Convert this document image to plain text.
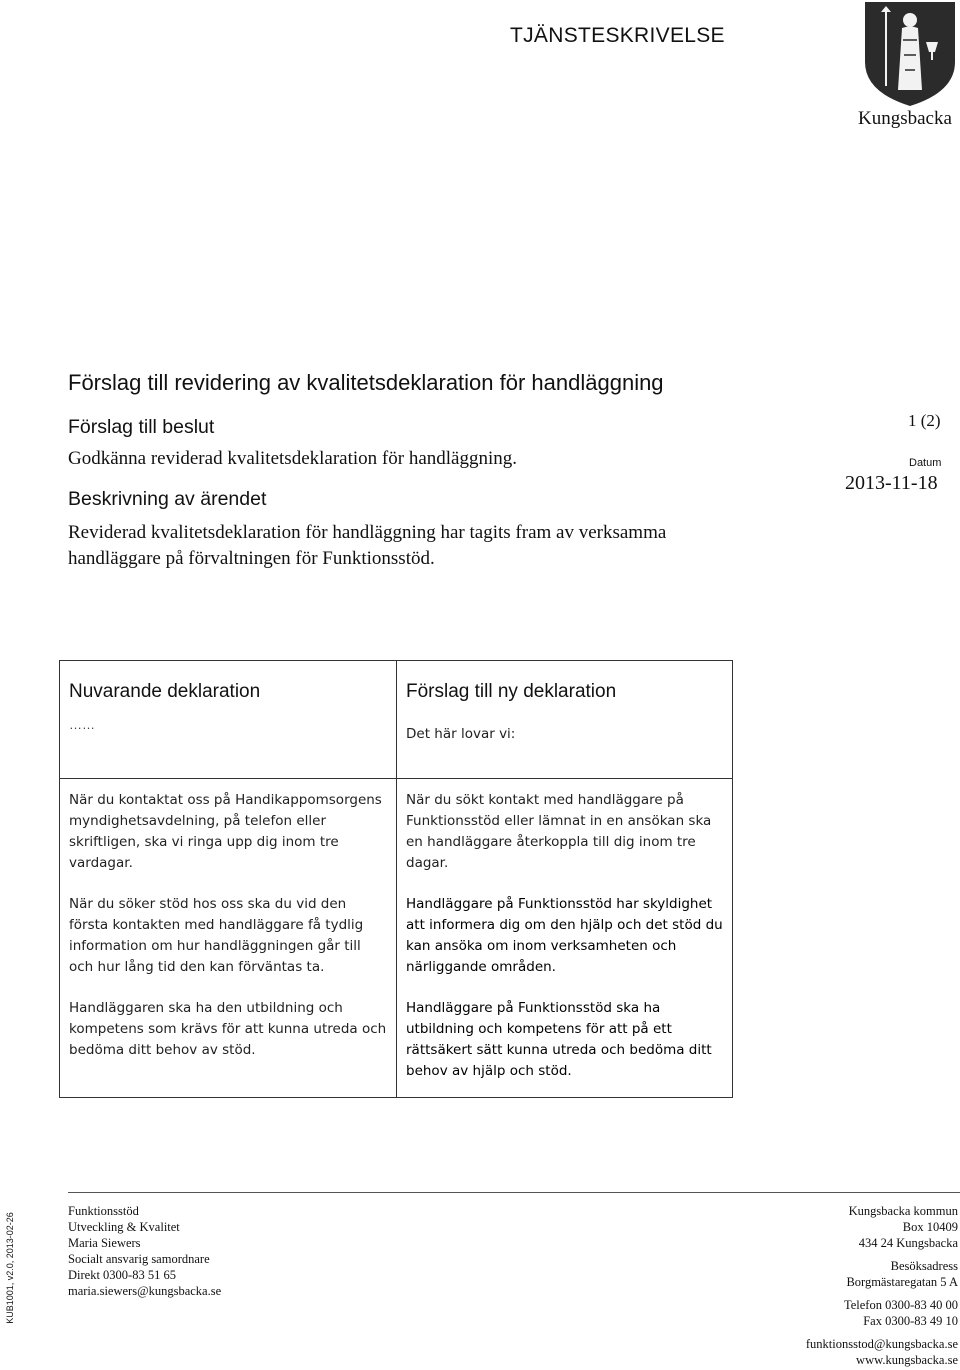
TJÄNSTESKRIVELSE
Kungsbacka
1 (2)
Datum
2013-11-18
Förslag till revidering av kvalitetsdeklaration för handläggning
Förslag till beslut
Godkänna reviderad kvalitetsdeklaration för handläggning.
Beskrivning av ärendet
Reviderad kvalitetsdeklaration för handläggning har tagits fram av verksamma handläggare på förvaltningen för Funktionsstöd.
Nuvarande deklaration
……
Förslag till ny deklaration
Det här lovar vi:

När du kontaktat oss på Handikappomsorgens myndighetsavdelning, på telefon eller skriftligen, ska vi ringa upp dig inom tre vardagar.

När du söker stöd hos oss ska du vid den första kontakten med handläggare få tydlig information om hur handläggningen går till och hur lång tid den kan förväntas ta.

Handläggaren ska ha den utbildning och kompetens som krävs för att kunna utreda och bedöma ditt behov av stöd.

När du sökt kontakt med handläggare på Funktionsstöd eller lämnat in en ansökan ska en handläggare återkoppla till dig inom tre dagar.

Handläggare på Funktionsstöd har skyldighet att informera dig om den hjälp och det stöd du kan ansöka om inom verksamheten och närliggande områden.

Handläggare på Funktionsstöd ska ha utbildning och kompetens för att på ett rättsäkert sätt kunna utreda och bedöma ditt behov av hjälp och stöd.

KUB1001, v2.0, 2013-02-26
Funktionsstöd
Utveckling & Kvalitet
Maria Siewers
Socialt ansvarig samordnare
Direkt 0300-83 51 65
maria.siewers@kungsbacka.se
Kungsbacka kommun
Box 10409
434 24 Kungsbacka
Besöksadress
Borgmästaregatan 5 A
Telefon 0300-83 40 00
Fax 0300-83 49 10
funktionsstod@kungsbacka.se
www.kungsbacka.se
